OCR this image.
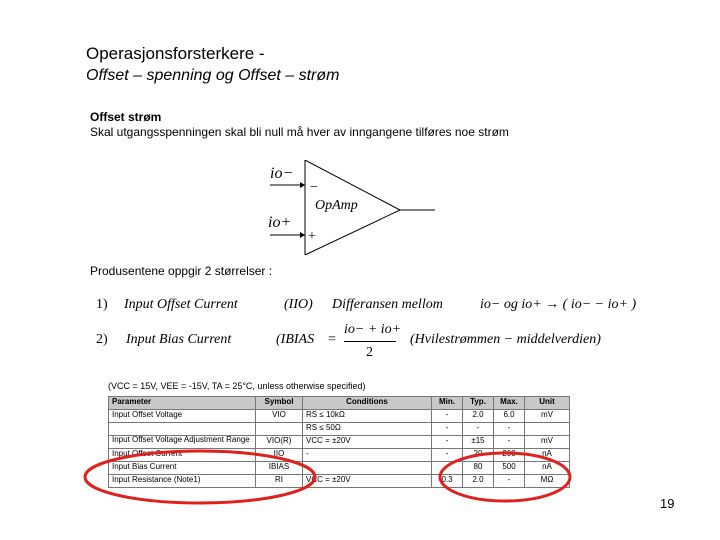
Operasjonsforsterkere -
Offset – spenning og Offset – strøm
Offset strøm
Skal utgangsspenningen skal bli null må hver av inngangene tilføres noe strøm
io−
io+
−
+
OpAmp
Produsentene oppgir 2 størrelser :
1) Input Offset Current	(IIO) Differansen mellom	io− og io+ → ( io− − io+ )
2) Input Bias Current	(IBIAS =
io− + io+
2
(Hvilestrømmen − middelverdien)
(VCC = 15V, VEE = -15V, TA = 25°C, unless otherwise specified)
Parameter	Symbol	Conditions	Min.	Typ.	Max.	Unit
Input Offset Voltage	VIO	RS ≤ 10kΩ	-	2.0	6.0	mV
		RS ≤ 50Ω	-	-	-	
Input Offset Voltage Adjustment Range	VIO(R)	VCC = ±20V	-	±15	-	mV
Input Offset Current	IIO	-	-	20	200	nA
Input Bias Current	IBIAS	-	-	80	500	nA
Input Resistance (Note1)	RI	VCC = ±20V	0.3	2.0	-	MΩ
19
